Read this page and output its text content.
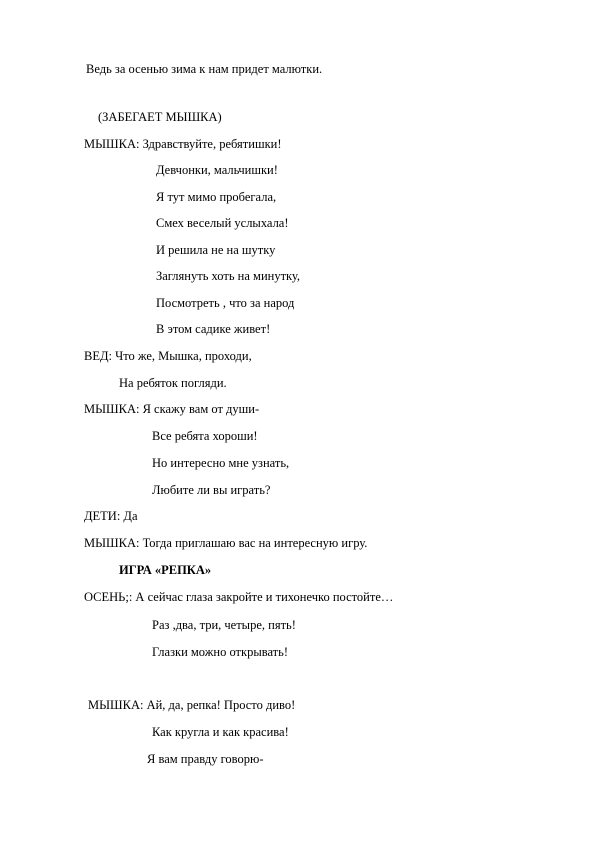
Ведь за осенью зима к нам придет малютки.
(ЗАБЕГАЕТ МЫШКА)
МЫШКА: Здравствуйте, ребятишки!
Девчонки, мальчишки!
Я тут мимо пробегала,
Смех веселый услыхала!
И решила не на шутку
Заглянуть хоть на минутку,
Посмотреть , что за народ
В этом садике живет!
ВЕД: Что же, Мышка, проходи,
На ребяток погляди.
МЫШКА: Я скажу вам от души-
Все ребята хороши!
Но интересно мне узнать,
Любите ли вы играть?
ДЕТИ: Да
МЫШКА: Тогда приглашаю вас на интересную игру.
ИГРА «РЕПКА»
ОСЕНЬ;: А сейчас глаза закройте и тихонечко постойте…
Раз ,два, три, четыре, пять!
Глазки можно открывать!
МЫШКА: Ай, да, репка! Просто диво!
Как кругла и как красива!
Я вам правду говорю-
